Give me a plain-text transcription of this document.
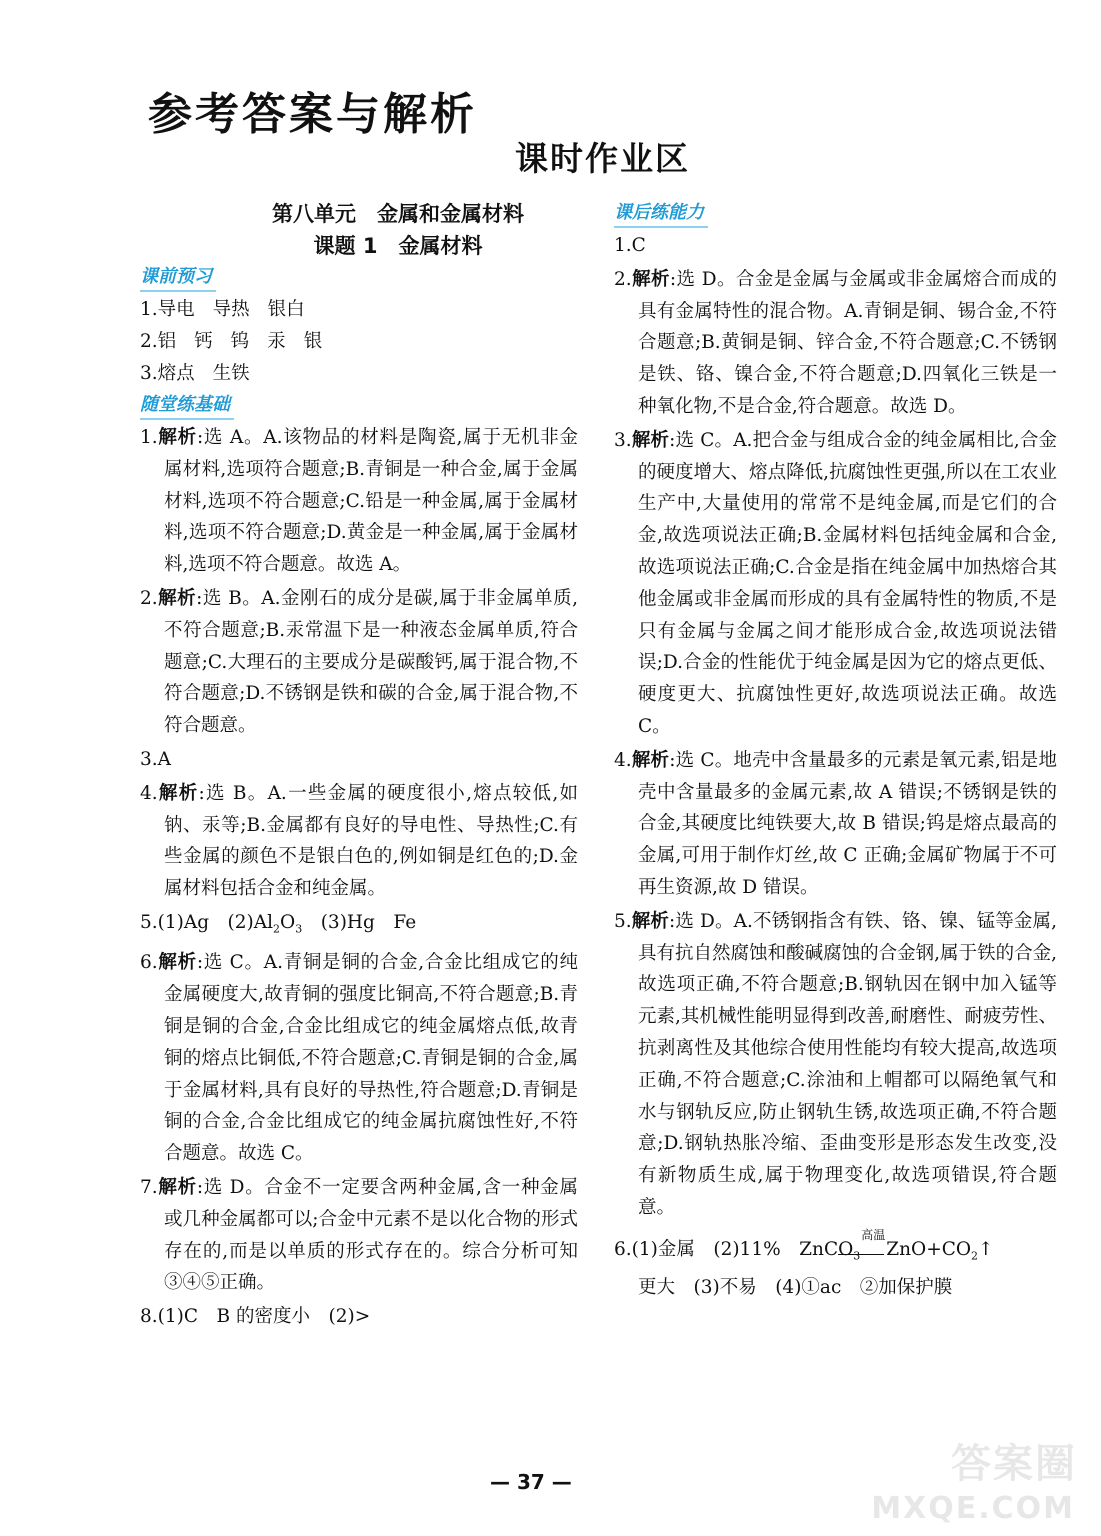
参考答案与解析
课时作业区
第八单元　金属和金属材料
课题 1　金属材料
课前预习
1.导电 导热 银白
2.铝 钙 钨 汞 银
3.熔点 生铁
随堂练基础
1.解析:选 A。A.该物品的材料是陶瓷,属于无机非金属材料,选项符合题意;B.青铜是一种合金,属于金属材料,选项不符合题意;C.铅是一种金属,属于金属材料,选项不符合题意;D.黄金是一种金属,属于金属材料,选项不符合题意。故选 A。
2.解析:选 B。A.金刚石的成分是碳,属于非金属单质,不符合题意;B.汞常温下是一种液态金属单质,符合题意;C.大理石的主要成分是碳酸钙,属于混合物,不符合题意;D.不锈钢是铁和碳的合金,属于混合物,不符合题意。
3.A
4.解析:选 B。A.一些金属的硬度很小,熔点较低,如钠、汞等;B.金属都有良好的导电性、导热性;C.有些金属的颜色不是银白色的,例如铜是红色的;D.金属材料包括合金和纯金属。
5.(1)Ag　$(2)Al_2O_3$　(3)Hg　Fe
6.解析:选 C。A.青铜是铜的合金,合金比组成它的纯金属硬度大,故青铜的强度比铜高,不符合题意;B.青铜是铜的合金,合金比组成它的纯金属熔点低,故青铜的熔点比铜低,不符合题意;C.青铜是铜的合金,属于金属材料,具有良好的导热性,符合题意;D.青铜是铜的合金,合金比组成它的纯金属抗腐蚀性好,不符合题意。故选 C。
7.解析:选 D。合金不一定要含两种金属,含一种金属或几种金属都可以;合金中元素不是以化合物的形式存在的,而是以单质的形式存在的。综合分析可知③④⑤正确。
8.(1)C　B 的密度小　(2)>
课后练能力
1.C
2.解析:选 D。合金是金属与金属或非金属熔合而成的具有金属特性的混合物。A.青铜是铜、锡合金,不符合题意;B.黄铜是铜、锌合金,不符合题意;C.不锈钢是铁、铬、镍合金,不符合题意;D.四氧化三铁是一种氧化物,不是合金,符合题意。故选 D。
3.解析:选 C。A.把合金与组成合金的纯金属相比,合金的硬度增大、熔点降低,抗腐蚀性更强,所以在工农业生产中,大量使用的常常不是纯金属,而是它们的合金,故选项说法正确;B.金属材料包括纯金属和合金,故选项说法正确;C.合金是指在纯金属中加热熔合其他金属或非金属而形成的具有金属特性的物质,不是只有金属与金属之间才能形成合金,故选项说法错误;D.合金的性能优于纯金属是因为它的熔点更低、硬度更大、抗腐蚀性更好,故选项说法正确。故选 C。
4.解析:选 C。地壳中含量最多的元素是氧元素,铝是地壳中含量最多的金属元素,故 A 错误;不锈钢是铁的合金,其硬度比纯铁要大,故 B 错误;钨是熔点最高的金属,可用于制作灯丝,故 C 正确;金属矿物属于不可再生资源,故 D 错误。
5.解析:选 D。A.不锈钢指含有铁、铬、镍、锰等金属,具有抗自然腐蚀和酸碱腐蚀的合金钢,属于铁的合金,故选项正确,不符合题意;B.钢轨因在钢中加入锰等元素,其机械性能明显得到改善,耐磨性、耐疲劳性、抗剥离性及其他综合使用性能均有较大提高,故选项正确,不符合题意;C.涂油和上帽都可以隔绝氧气和水与钢轨反应,防止钢轨生锈,故选项正确,不符合题意;D.钢轨热胀冷缩、歪曲变形是形态发生改变,没有新物质生成,属于物理变化,故选项错误,符合题意。
6.(1)金属　(2)11%　ZnCO$_3$
高温
$ZnO+CO_2↑$
更大　(3)不易　(4)①ac　②加保护膜
— 37 —	答案圈
MXQE.COM
